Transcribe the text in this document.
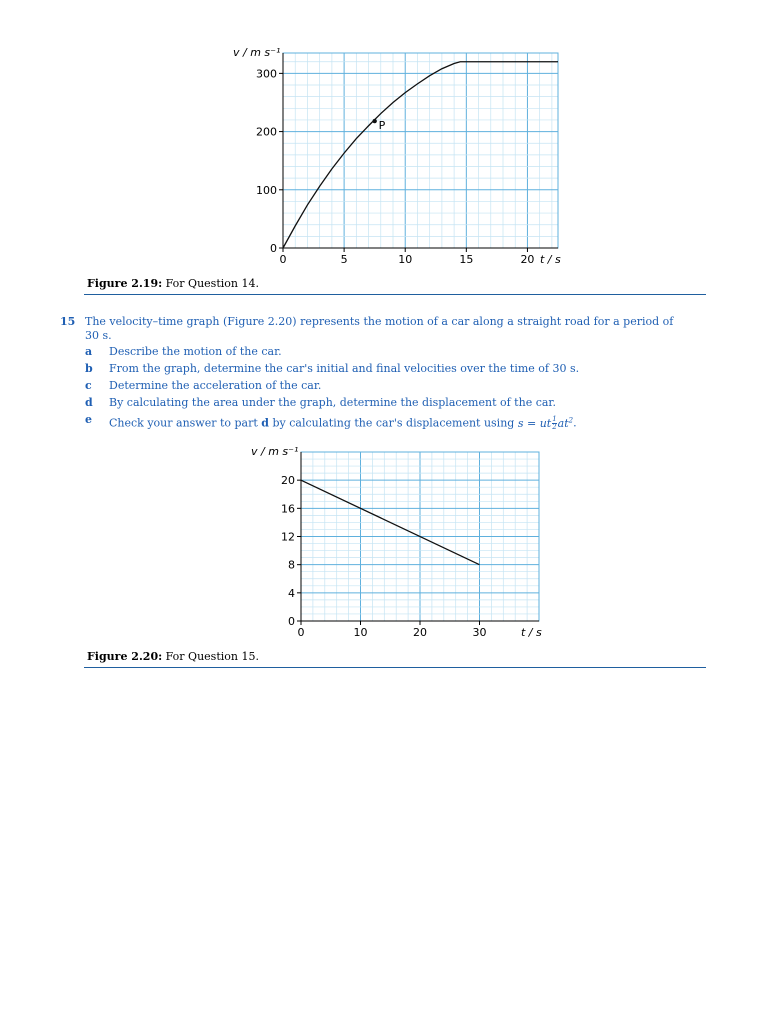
0	5	10	15	20
0
100
200
300
v / m s⁻¹
t / s
P
Figure 2.19: For Question 14.
15 The velocity–time graph (Figure 2.20) represents the motion of a car along a straight road for a period of 30 s.
a	Describe the motion of the car.
b	From the graph, determine the car's initial and final velocities over the time of 30 s.
c	Determine the acceleration of the car.
d	By calculating the area under the graph, determine the displacement of the car.
e	Check your answer to part d by calculating the car's displacement using s = ut $\frac{1}{2} at^2$.
0	10	20	30
0
4
8
12
16
20
v / m s⁻¹
t / s
Figure 2.20: For Question 15.
